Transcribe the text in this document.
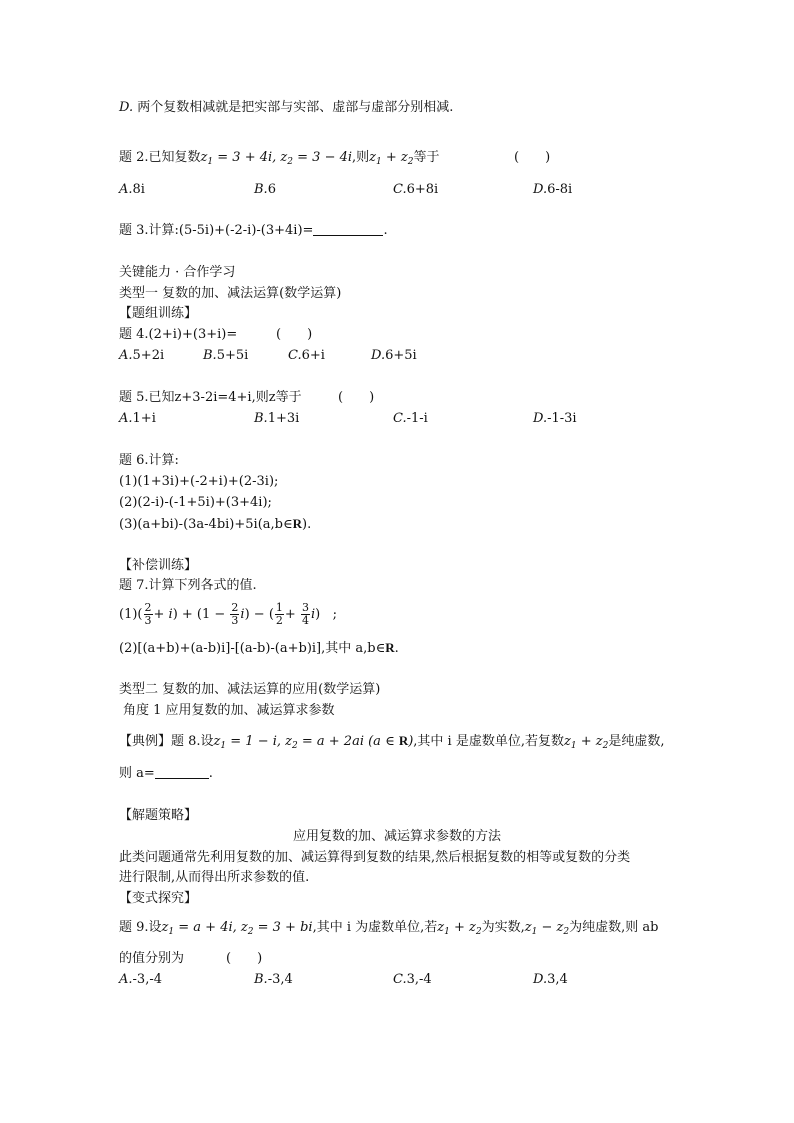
D. 两个复数相减就是把实部与实部、虚部与虚部分别相减.
题 2.已知复数$z_1 = 3 + 4i$, $z_2 = 3 - 4i$,则$z_1 + z_2$等于	(　　)
A.8i	B.6	C.6+8i	D.6-8i
题 3.计算:(5-5i)+(-2-i)-(3+4i)=	.
关键能力 · 合作学习
类型一 复数的加、减法运算(数学运算)
【题组训练】
题 4.(2+i)+(3+i)=	(　　)
A.5+2i	B.5+5i	C.6+i	D.6+5i
题 5.已知z+3-2i=4+i,则z等于	(　　)
A.1+i	B.1+3i	C.-1-i	D.-1-3i
题 6.计算:
(1)(1+3i)+(-2+i)+(2-3i);
(2)(2-i)-(-1+5i)+(3+4i);
(3)(a+bi)-(3a-4bi)+5i(a,b∈R).
【补偿训练】
题 7.计算下列各式的值.
$(1)( \frac{2}{3} + i) + (1 - \frac{2}{3} i)$ − ( $\frac{1}{2} + \frac{3}{4} i$)   ;
(2)[(a+b)+(a-b)i]-[(a-b)-(a+b)i],其中 a,b∈R.
类型二 复数的加、减法运算的应用(数学运算)
角度 1 应用复数的加、减运算求参数
【典例】题 8.设$z_1 = 1 - i$, $z_2 = a + 2ai$ (a ∈ R),其中 i 是虚数单位,若复数$z_1 + z_2$是纯虚数,
则 a=	.
【解题策略】
应用复数的加、减运算求参数的方法
此类问题通常先利用复数的加、减运算得到复数的结果,然后根据复数的相等或复数的分类
进行限制,从而得出所求参数的值.
【变式探究】
题 9.设$z_1 = a + 4i$, $z_2 = 3$ + bi,其中 i 为虚数单位,若$z_1 + z_2$为实数$,z_1 - z_2$为纯虚数,则 ab
的值分别为	(　　)
A.-3,-4	B.-3,4	C.3,-4	D.3,4
